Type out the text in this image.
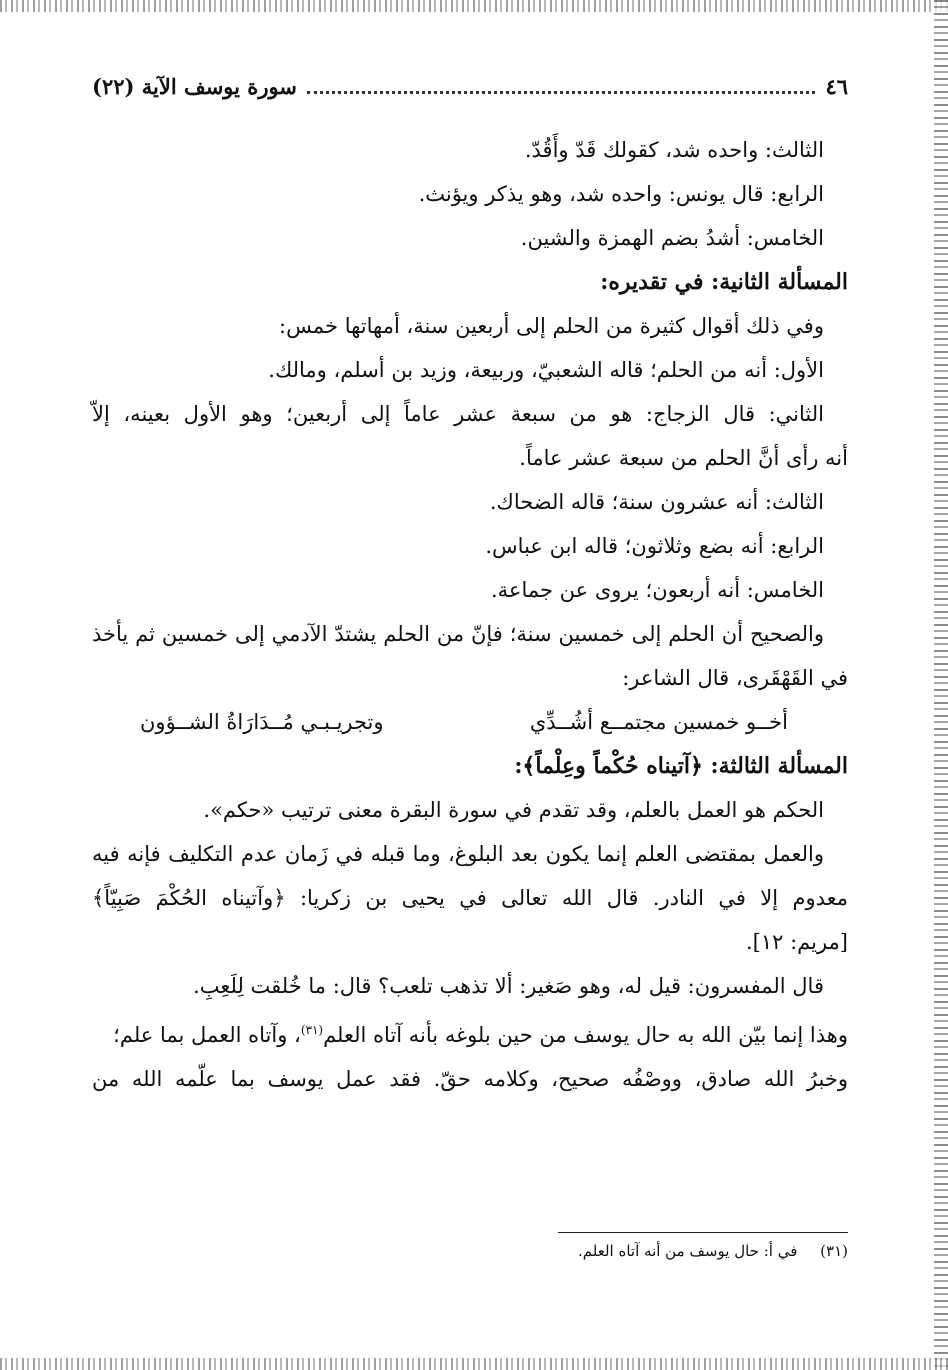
٤٦
سورة يوسف الآية (٢٢)
الثالث: واحده شد، كقولك قَدّ وأَقُدّ.
الرابع: قال يونس: واحده شد، وهو يذكر ويؤنث.
الخامس: أشدُ بضم الهمزة والشين.
المسألة الثانية: في تقديره:
وفي ذلك أقوال كثيرة من الحلم إلى أربعين سنة، أمهاتها خمس:
الأول: أنه من الحلم؛ قاله الشعبيّ، وربيعة، وزيد بن أسلم، ومالك.
الثاني: قال الزجاج: هو من سبعة عشر عاماً إلى أربعين؛ وهو الأول بعينه، إلاّ
أنه رأى أنَّ الحلم من سبعة عشر عاماً.
الثالث: أنه عشرون سنة؛ قاله الضحاك.
الرابع: أنه بضع وثلاثون؛ قاله ابن عباس.
الخامس: أنه أربعون؛ يروى عن جماعة.
والصحيح أن الحلم إلى خمسين سنة؛ فإنّ من الحلم يشتدّ الآدمي إلى خمسين ثم يأخذ
في القَهْقَرى، قال الشاعر:
أخــو خمسين مجتمــع أشُــدِّي
وتجريـبـي مُــدَارَاةُ الشــؤون
المسألة الثالثة: ﴿آتيناه حُكْماً وعِلْماً﴾:
الحكم هو العمل بالعلم، وقد تقدم في سورة البقرة معنى ترتيب «حكم».
والعمل بمقتضى العلم إنما يكون بعد البلوغ، وما قبله في زَمان عدم التكليف فإنه فيه
معدوم إلا في النادر. قال الله تعالى في يحيى بن زكريا: ﴿وآتيناه الحُكْمَ صَبِيّاً﴾
[مريم: ١٢].
قال المفسرون: قيل له، وهو صَغير: ألا تذهب تلعب؟ قال: ما خُلقت لِلَعِبِ.
وهذا إنما بيّن الله به حال يوسف من حين بلوغه بأنه آتاه العلم$^{(٣١)}$، وآتاه العمل بما علم؛
وخبرُ الله صادق، ووصْفُه صحيح، وكلامه حقّ. فقد عمل يوسف بما علّمه الله من
(٣١) في أ: حال يوسف من أنه آتاه العلم.
